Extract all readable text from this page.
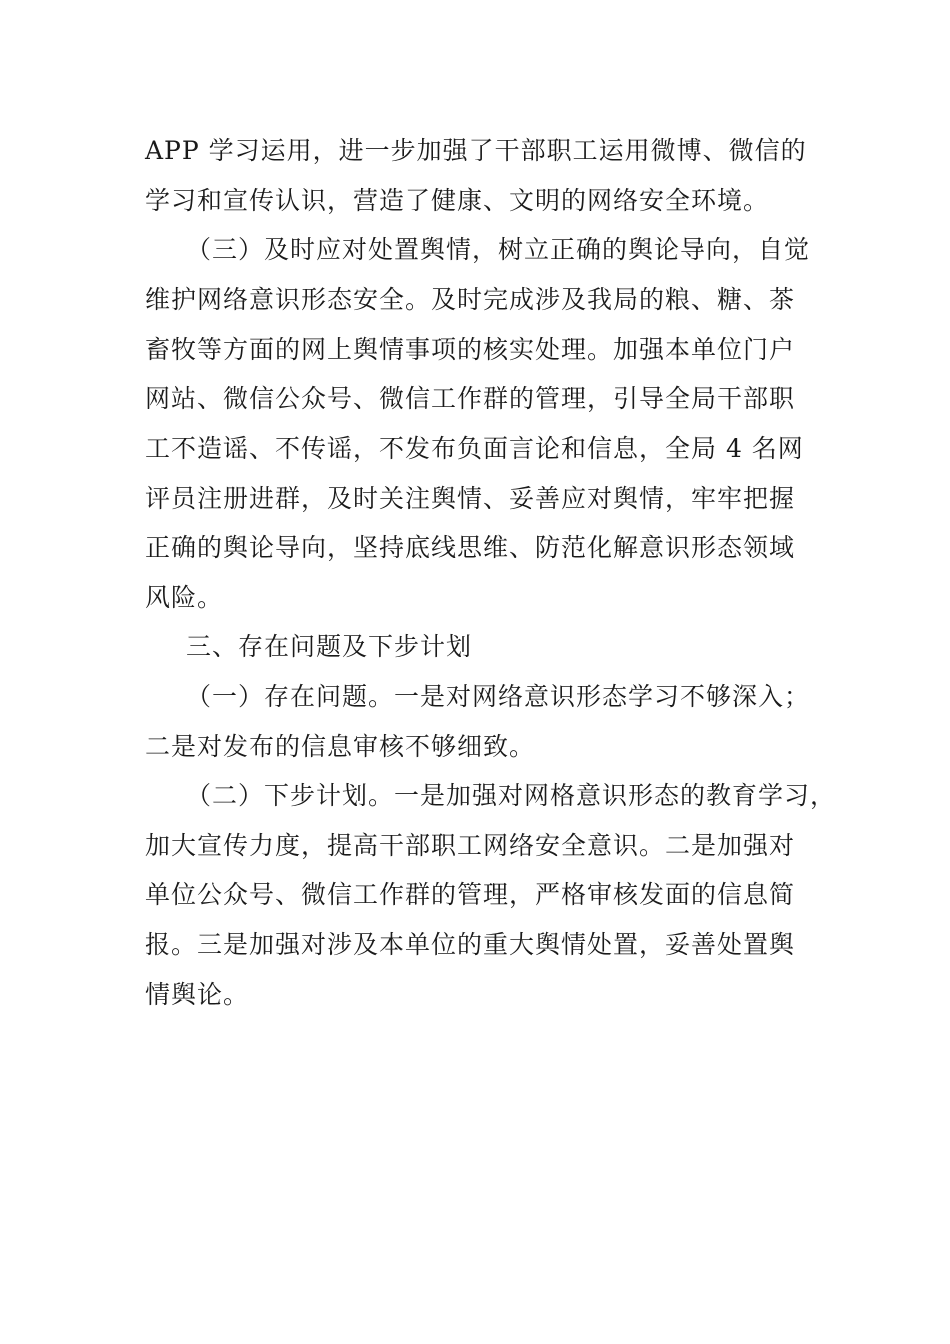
APP 学习运用，进一步加强了干部职工运用微博、微信的
学习和宣传认识，营造了健康、文明的网络安全环境。
（三）及时应对处置舆情，树立正确的舆论导向，自觉
维护网络意识形态安全。及时完成涉及我局的粮、糖、茶
畜牧等方面的网上舆情事项的核实处理。加强本单位门户
网站、微信公众号、微信工作群的管理，引导全局干部职
工不造谣、不传谣，不发布负面言论和信息，全局 4 名网
评员注册进群，及时关注舆情、妥善应对舆情，牢牢把握
正确的舆论导向，坚持底线思维、防范化解意识形态领域
风险。
三、存在问题及下步计划
（一）存在问题。一是对网络意识形态学习不够深入；
二是对发布的信息审核不够细致。
（二）下步计划。一是加强对网格意识形态的教育学习，
加大宣传力度，提高干部职工网络安全意识。二是加强对
单位公众号、微信工作群的管理，严格审核发面的信息简
报。三是加强对涉及本单位的重大舆情处置，妥善处置舆
情舆论。
